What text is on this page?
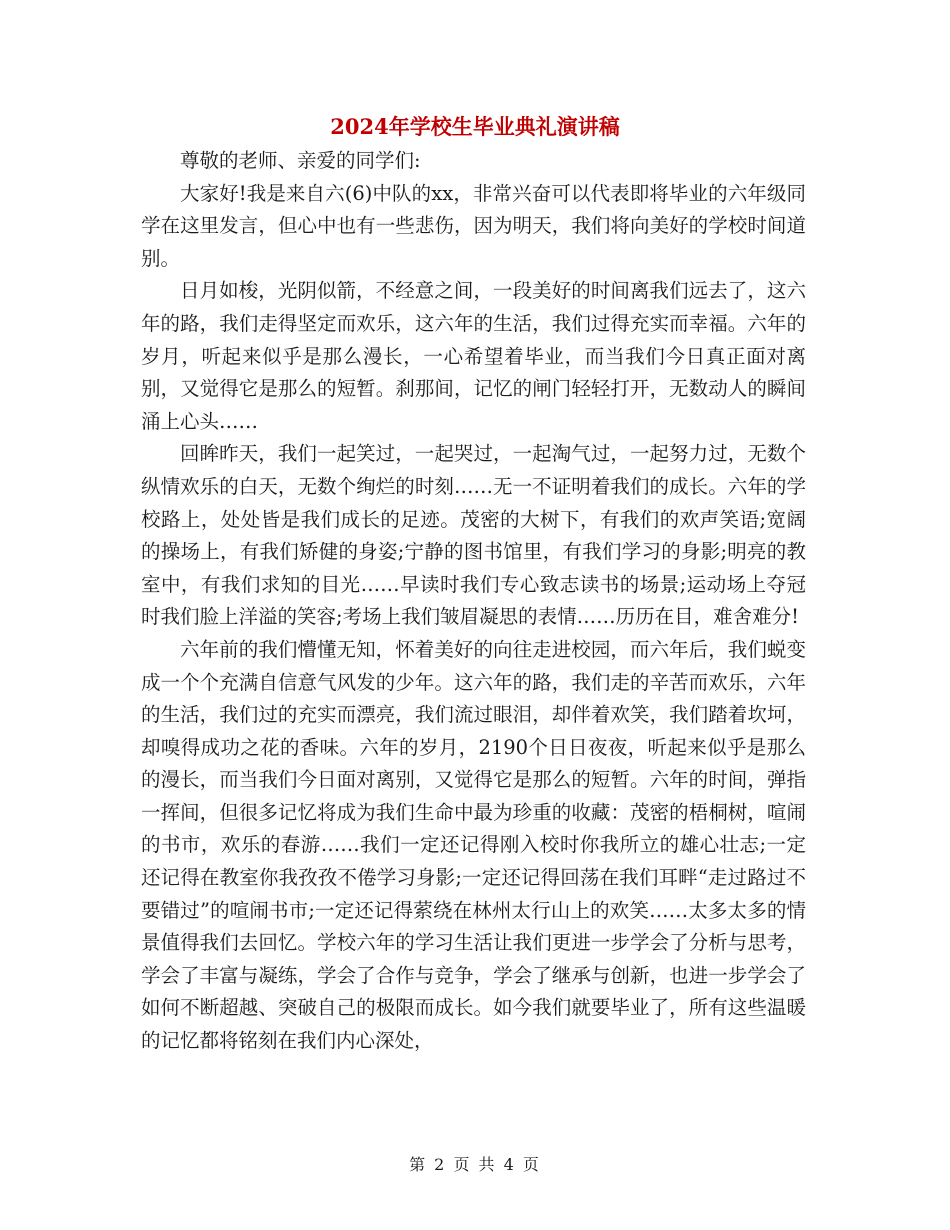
2024年学校生毕业典礼演讲稿

尊敬的老师、亲爱的同学们:

大家好!我是来自六(6)中队的xx，非常兴奋可以代表即将毕业的六年级同学在这里发言，但心中也有一些悲伤，因为明天，我们将向美好的学校时间道别。

日月如梭，光阴似箭，不经意之间，一段美好的时间离我们远去了，这六年的路，我们走得坚定而欢乐，这六年的生活，我们过得充实而幸福。六年的岁月，听起来似乎是那么漫长，一心希望着毕业，而当我们今日真正面对离别，又觉得它是那么的短暂。刹那间，记忆的闸门轻轻打开，无数动人的瞬间涌上心头……

回眸昨天，我们一起笑过，一起哭过，一起淘气过，一起努力过，无数个纵情欢乐的白天，无数个绚烂的时刻……无一不证明着我们的成长。六年的学校路上，处处皆是我们成长的足迹。茂密的大树下，有我们的欢声笑语;宽阔的操场上，有我们矫健的身姿;宁静的图书馆里，有我们学习的身影;明亮的教室中，有我们求知的目光……早读时我们专心致志读书的场景;运动场上夺冠时我们脸上洋溢的笑容;考场上我们皱眉凝思的表情……历历在目，难舍难分!

六年前的我们懵懂无知，怀着美好的向往走进校园，而六年后，我们蜕变成一个个充满自信意气风发的少年。这六年的路，我们走的辛苦而欢乐，六年的生活，我们过的充实而漂亮，我们流过眼泪，却伴着欢笑，我们踏着坎坷，却嗅得成功之花的香味。六年的岁月，2190个日日夜夜，听起来似乎是那么的漫长，而当我们今日面对离别，又觉得它是那么的短暂。六年的时间，弹指一挥间，但很多记忆将成为我们生命中最为珍重的收藏：茂密的梧桐树，喧闹的书市，欢乐的春游……我们一定还记得刚入校时你我所立的雄心壮志;一定还记得在教室你我孜孜不倦学习身影;一定还记得回荡在我们耳畔“走过路过不要错过”的喧闹书市;一定还记得萦绕在林州太行山上的欢笑……太多太多的情景值得我们去回忆。学校六年的学习生活让我们更进一步学会了分析与思考，学会了丰富与凝练，学会了合作与竞争，学会了继承与创新，也进一步学会了如何不断超越、突破自己的极限而成长。如今我们就要毕业了，所有这些温暖的记忆都将铭刻在我们内心深处，

第 2 页 共 4 页
